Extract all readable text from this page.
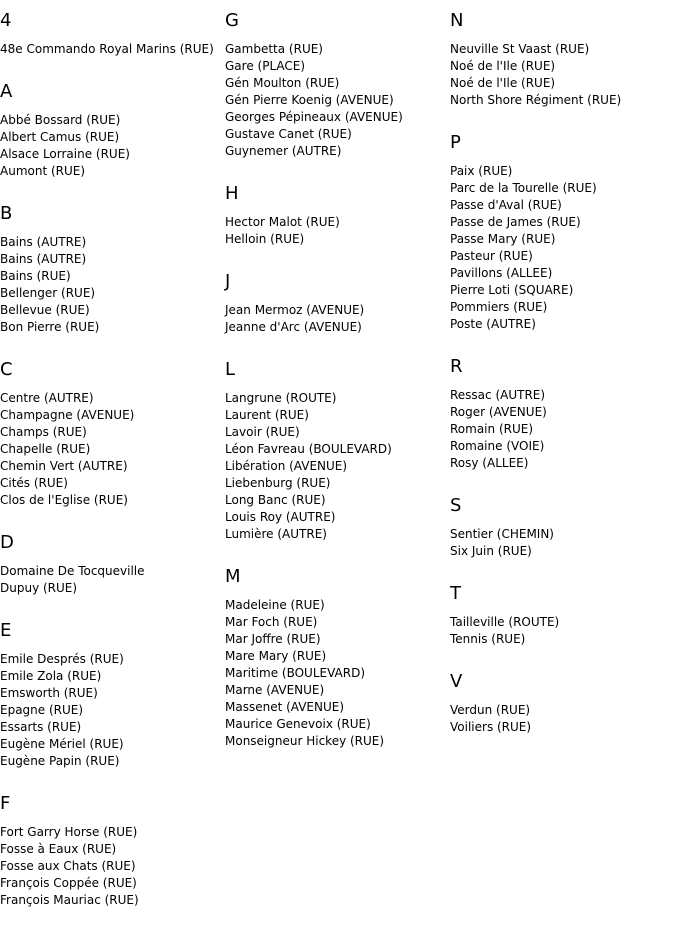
4
48e Commando Royal Marins (RUE)
A
Abbé Bossard (RUE)
Albert Camus (RUE)
Alsace Lorraine (RUE)
Aumont (RUE)
B
Bains (AUTRE)
Bains (AUTRE)
Bains (RUE)
Bellenger (RUE)
Bellevue (RUE)
Bon Pierre (RUE)
C
Centre (AUTRE)
Champagne (AVENUE)
Champs (RUE)
Chapelle (RUE)
Chemin Vert (AUTRE)
Cités (RUE)
Clos de l'Eglise (RUE)
D
Domaine De Tocqueville
Dupuy (RUE)
E
Emile Després (RUE)
Emile Zola (RUE)
Emsworth (RUE)
Epagne (RUE)
Essarts (RUE)
Eugène Mériel (RUE)
Eugène Papin (RUE)
F
Fort Garry Horse (RUE)
Fosse à Eaux (RUE)
Fosse aux Chats (RUE)
François Coppée (RUE)
François Mauriac (RUE)
G
Gambetta (RUE)
Gare (PLACE)
Gén Moulton (RUE)
Gén Pierre Koenig (AVENUE)
Georges Pépineaux (AVENUE)
Gustave Canet (RUE)
Guynemer (AUTRE)
H
Hector Malot (RUE)
Helloin (RUE)
J
Jean Mermoz (AVENUE)
Jeanne d'Arc (AVENUE)
L
Langrune (ROUTE)
Laurent (RUE)
Lavoir (RUE)
Léon Favreau (BOULEVARD)
Libération (AVENUE)
Liebenburg (RUE)
Long Banc (RUE)
Louis Roy (AUTRE)
Lumière (AUTRE)
M
Madeleine (RUE)
Mar Foch (RUE)
Mar Joffre (RUE)
Mare Mary (RUE)
Maritime (BOULEVARD)
Marne (AVENUE)
Massenet (AVENUE)
Maurice Genevoix (RUE)
Monseigneur Hickey (RUE)
N
Neuville St Vaast (RUE)
Noé de l'Ile (RUE)
Noé de l'Ile (RUE)
North Shore Régiment (RUE)
P
Paix (RUE)
Parc de la Tourelle (RUE)
Passe d'Aval (RUE)
Passe de James (RUE)
Passe Mary (RUE)
Pasteur (RUE)
Pavillons (ALLEE)
Pierre Loti (SQUARE)
Pommiers (RUE)
Poste (AUTRE)
R
Ressac (AUTRE)
Roger (AVENUE)
Romain (RUE)
Romaine (VOIE)
Rosy (ALLEE)
S
Sentier (CHEMIN)
Six Juin (RUE)
T
Tailleville (ROUTE)
Tennis (RUE)
V
Verdun (RUE)
Voiliers (RUE)
